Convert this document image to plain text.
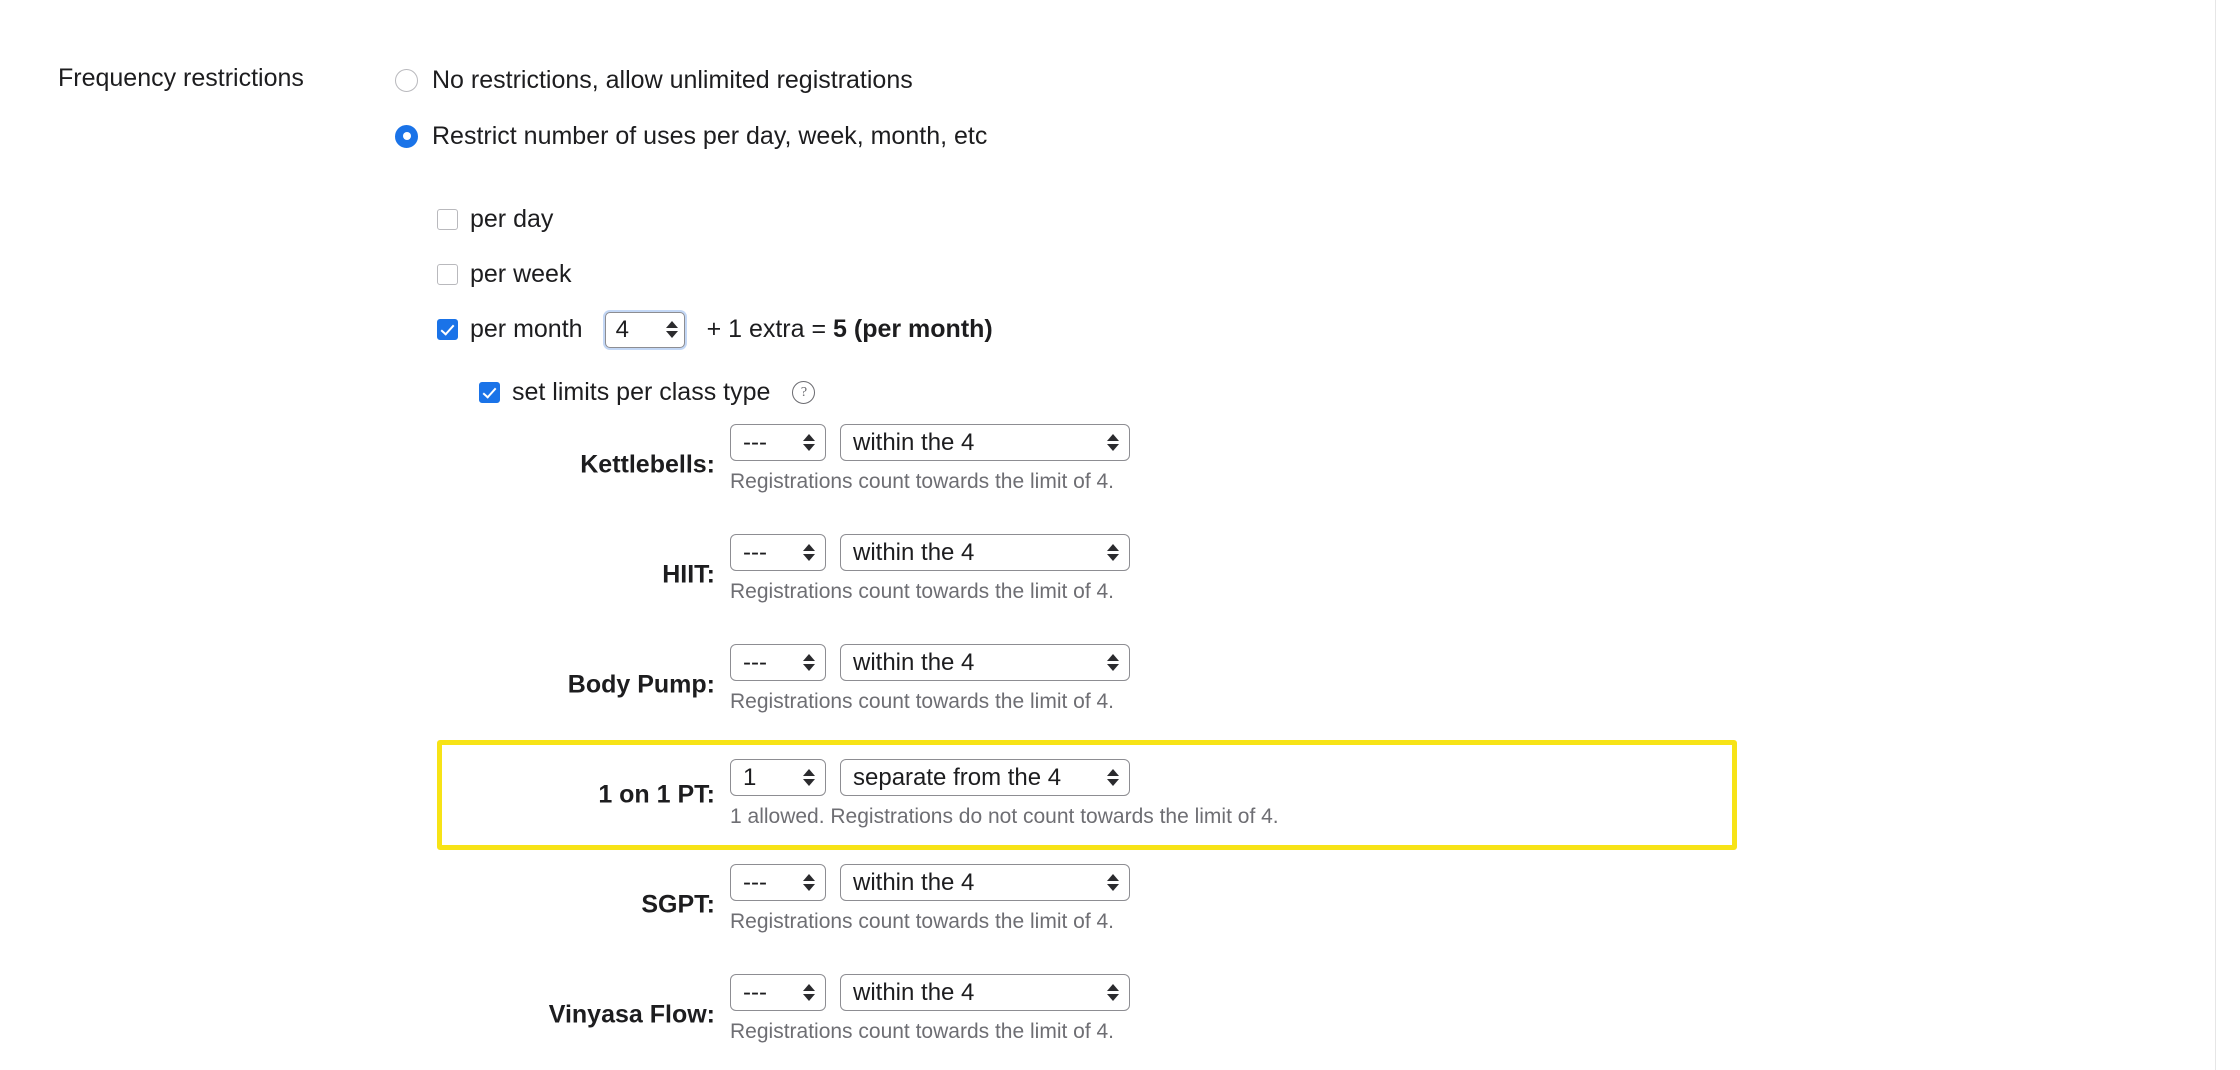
Frequency restrictions	No restrictions, allow unlimited registrations
Restrict number of uses per day, week, month, etc
per day
per week
per month 4	+ 1 extra = 5 (per month)
set limits per class type	?
Kettlebells:
---	within the 4
Registrations count towards the limit of 4.
HIIT:
---	within the 4
Registrations count towards the limit of 4.
Body Pump:
---	within the 4
Registrations count towards the limit of 4.
1 on 1 PT:
1	separate from the 4
1 allowed. Registrations do not count towards the limit of 4.
SGPT:
---	within the 4
Registrations count towards the limit of 4.
Vinyasa Flow:
---	within the 4
Registrations count towards the limit of 4.
